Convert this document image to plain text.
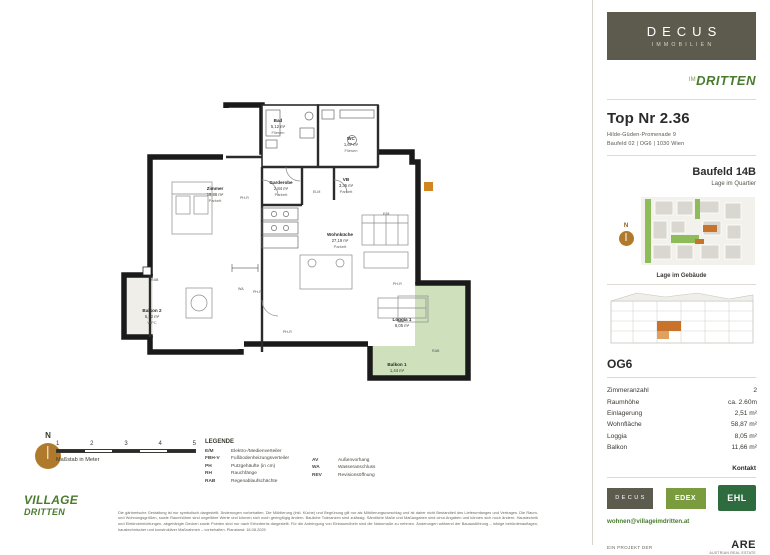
Bad
5,12 m²
Fliesen
WC
1,67 m²
Fliesen
Zimmer
15,86 m²
Parkett
Garderobe
2,84 m²
Parkett
VB
3,35 m²
Parkett
Wohnküche
27,19 m²
Parkett
Balkon 2
5,22 m²
WPC
Loggia 1
8,05 m²
Balkon 1
1,44 m²
PH-R
PH-R
PH-R
PH-R
WA
RAB
RAB
E/M
ELM
N
1	2	3	4	5
Maßstab in Meter
LEGENDE
E/M	Elektro-/Medienverteiler
FBH-V	Fußbodenheizungsverteiler
PH	Putzgehäufte (in cm)
RH	Rauchfänge
RAB	Regenablaufschächte
AV	Außenvorhang
WA	Wasseranschluss
REV	Revisionsöffnung
VILLAGE
DRITTEN	Die gärtnerische Gestaltung ist nur symbolisch dargestellt. Änderungen vorbehalten. Die Möblierung (inkl. Küche) und Begrünung gilt nur als Möblierungsvorschlag und ist daher nicht Bestandteil des Lieferumfanges und Vertrages. Die Raum- und Wohnungsgrößen, sowie Raumhöhen sind ungefähre Werte und können sich noch geringfügig ändern. Bauliche Toleranzen sind zulässig. Sämtliche Maße und Maßangaben sind circa Angaben und können sich noch ändern. Haustechnik und Elektroeinrichtungen, abgehängte Decken sowie Pointen sind nur nach Erfordernis dargestellt. Für die Anbringung von Einbaumöbeln sind die Naturmaße zu nehmen. Änderungen während der Bauausführung – infolge behördenauflagen, haustechnischer und konstruktiver Maßnahmen – vorbehalten. Planstand: 18.08.2025
DECUS
IMMOBILIEN
IM DRITTEN
Top Nr 2.36
Hilde-Güden-Promenade 9
Baufeld 02 | OG6 | 1030 Wien
Baufeld 14B
Lage im Quartier
N
Lage im Gebäude
OG6
Zimmeranzahl	2
Raumhöhe	ca. 2.60m
Einlagerung	2,51 m²
Wohnfläche	58,87 m²
Loggia	8,05 m²
Balkon	11,66 m²
Kontakt
DECUS	EDEX	EHL
wohnen@villageimdritten.at
EIN PROJEKT DER	ARE
AUSTRIAN REAL ESTATE
